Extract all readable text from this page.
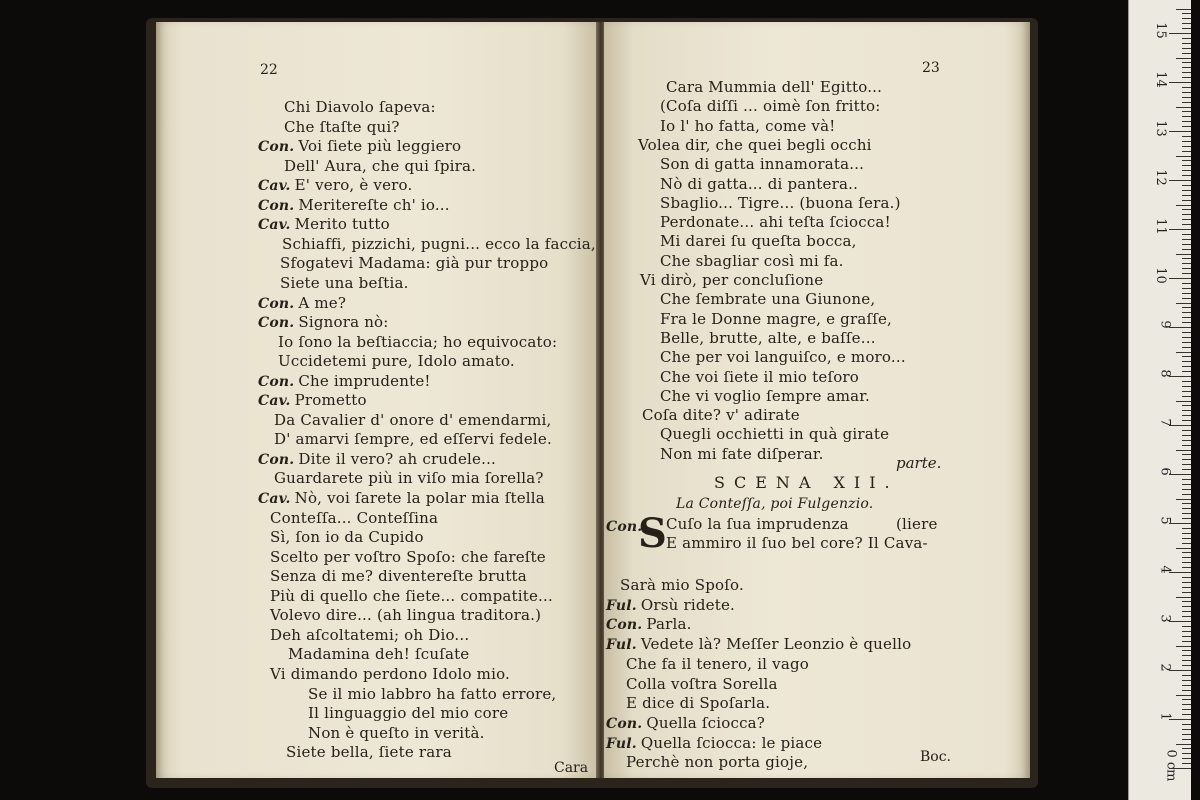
22
Chi Diavolo ſapeva:
Che ſtaſte qui?
Con. Voi ſiete più leggiero
Dell' Aura, che qui ſpira.
Cav. E' vero, è vero.
Con. Meritereſte ch' io...
Cav. Merito tutto
Schiaffi, pizzichi, pugni... ecco la faccia,
Sfogatevi Madama: già pur troppo
Siete una beſtia.
Con. A me?
Con. Signora nò:
Io ſono la beſtiaccia; ho equivocato:
Uccidetemi pure, Idolo amato.
Con. Che imprudente!
Cav. Prometto
Da Cavalier d' onore d' emendarmi,
D' amarvi ſempre, ed eſſervi fedele.
Con. Dite il vero? ah crudele...
Guardarete più in viſo mia ſorella?
Cav. Nò, voi ſarete la polar mia ſtella
Conteſſa... Conteſſina
Sì, ſon io da Cupido
Scelto per voſtro Spoſo: che fareſte
Senza di me? diventereſte brutta
Più di quello che ſiete... compatite...
Volevo dire... (ah lingua traditora.)
Deh aſcoltatemi; oh Dio...
Madamina deh! ſcuſate
Vi dimando perdono Idolo mio.
Se il mio labbro ha fatto errore,
Il linguaggio del mio core
Non è queſto in verità.
Siete bella, ſiete rara
Cara
23
Cara Mummia dell' Egitto...
(Coſa diſſi ... oimè ſon fritto:
Io l' ho fatta, come và!
Volea dir, che quei begli occhi
Son di gatta innamorata...
Nò di gatta... di pantera..
Sbaglio... Tigre... (buona ſera.)
Perdonate... ahi teſta ſciocca!
Mi darei ſu queſta bocca,
Che sbagliar così mi fa.
Vi dirò, per concluſione
Che ſembrate una Giunone,
Fra le Donne magre, e graſſe,
Belle, brutte, alte, e baſſe...
Che per voi languiſco, e moro...
Che voi ſiete il mio teſoro
Che vi voglio ſempre amar.
Coſa dite? v' adirate
Quegli occhietti in quà girate
Non mi fate diſperar.
parte.
SCENA XII.
La Conteſſa, poi Fulgenzio.
Con.
S Cuſo la ſua imprudenza	(liere
E ammiro il ſuo bel core? Il Cava-
Sarà mio Spoſo.
Ful. Orsù ridete.
Con. Parla.
Ful. Vedete là? Meſſer Leonzio è quello
Che fa il tenero, il vago
Colla voſtra Sorella
E dice di Spoſarla.
Con. Quella ſciocca?
Ful. Quella ſciocca: le piace
Perchè non porta gioje,	Boc.	0 cm
1
2
3
4
5
6
7
8
9
10
11
12
13
14
15
